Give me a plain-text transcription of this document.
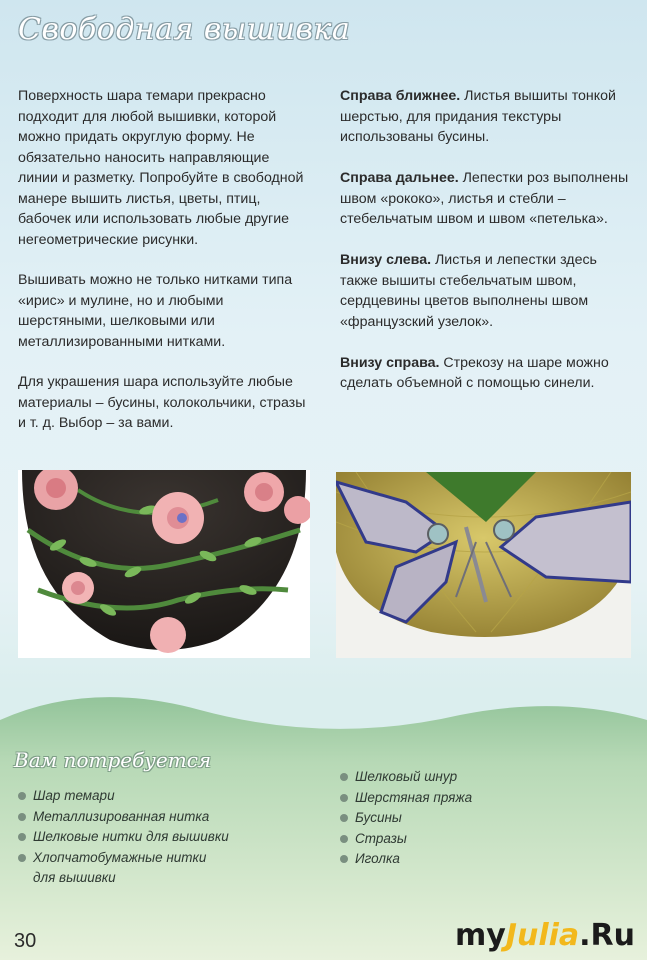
Свободная вышивка

Поверхность шара темари прекрасно подходит для любой вышивки, которой можно придать округлую форму. Не обязательно наносить направляющие линии и разметку. Попробуйте в свободной манере вышить листья, цветы, птиц, бабочек или использовать любые другие негеометрические рисунки.

Вышивать можно не только нитками типа «ирис» и мулине, но и любыми шерстяными, шелковыми или металлизированными нитками.

Для украшения шара используйте любые материалы – бусины, колокольчики, стразы и т. д. Выбор – за вами.

Справа ближнее. Листья вышиты тонкой шерстью, для придания текстуры использованы бусины.

Справа дальнее. Лепестки роз выполнены швом «рококо», листья и стебли – стебельчатым швом и швом «петелька».

Внизу слева. Листья и лепестки здесь также вышиты стебельчатым швом, сердцевины цветов выполнены швом «французский узелок».

Внизу справа. Стрекозу на шаре можно сделать объемной с помощью синели.

Вам потребуется
Шар темари
Металлизированная нитка
Шелковые нитки для вышивки
Хлопчатобумажные нитки для вышивки
Шелковый шнур
Шерстяная пряжа
Бусины
Стразы
Иголка
30	myJulia.Ru
